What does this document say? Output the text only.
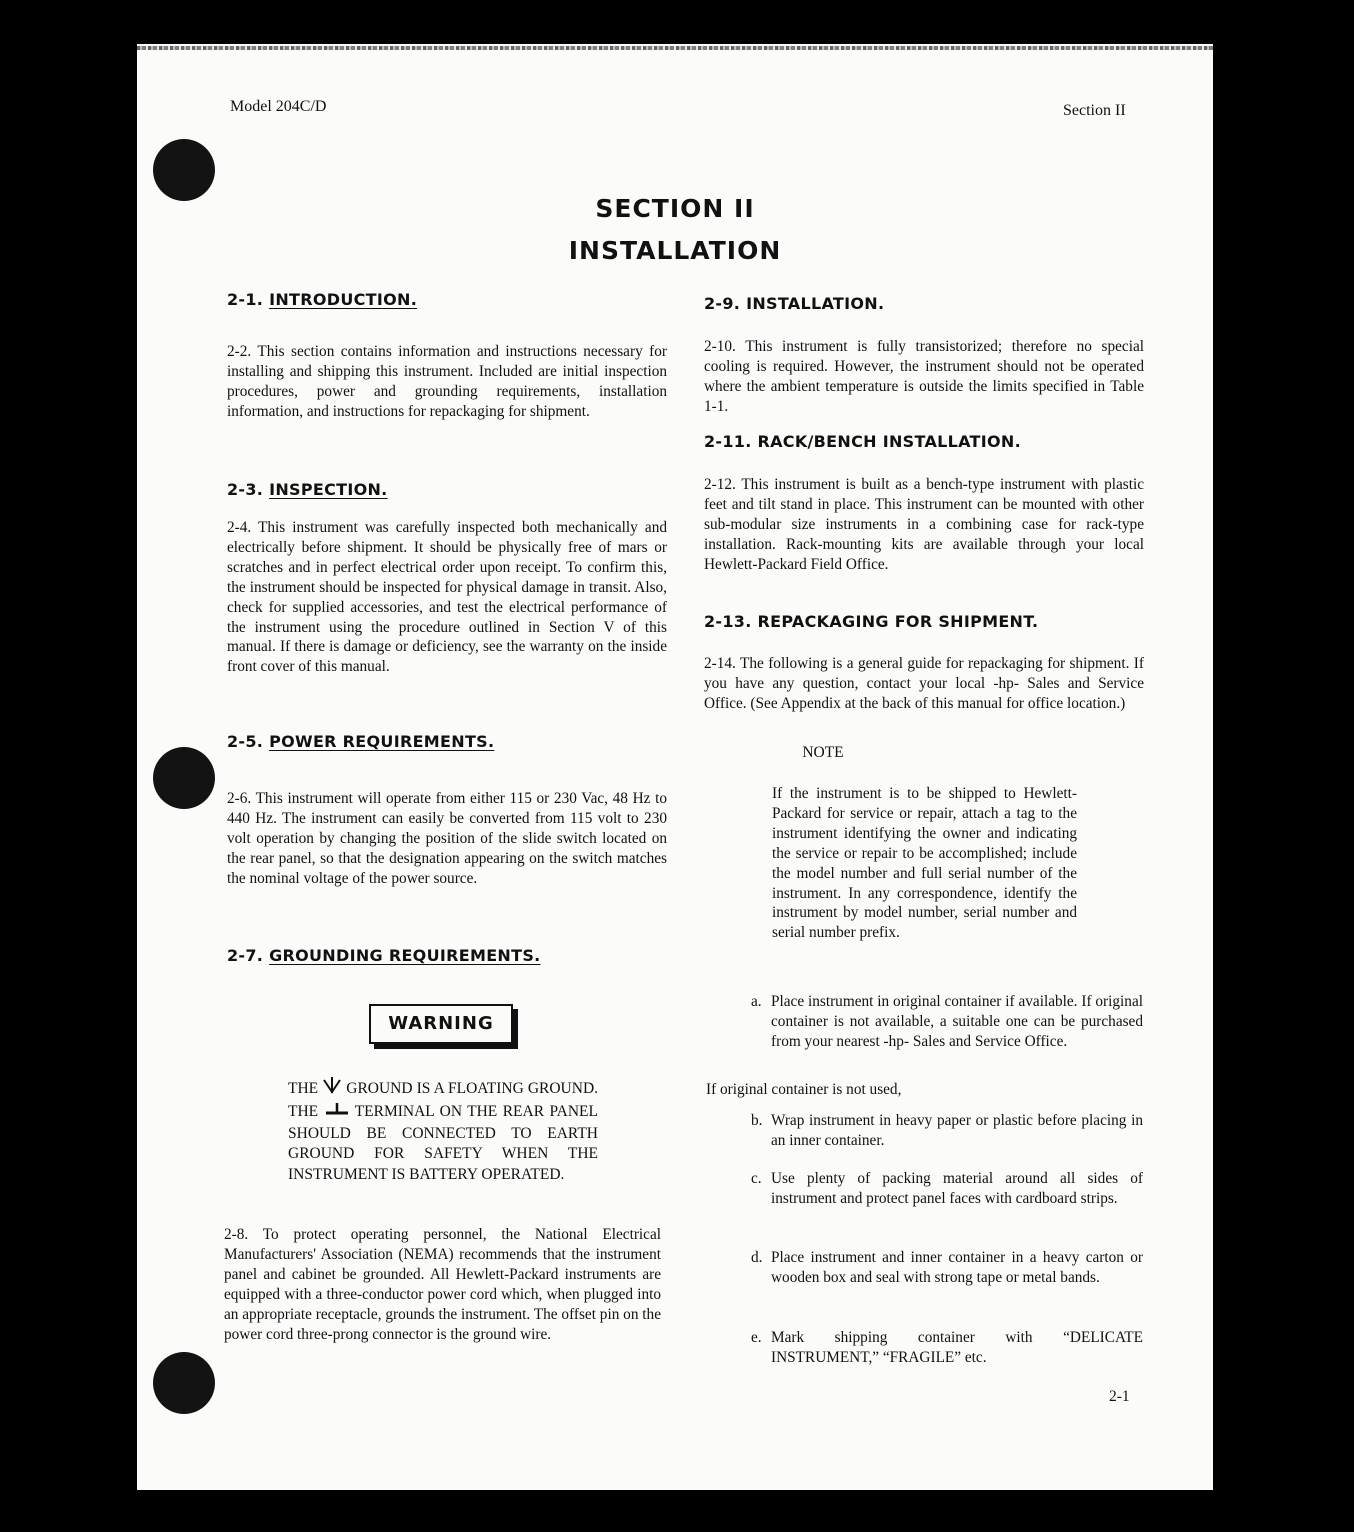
Model 204C/D	Section II
SECTION II
INSTALLATION
2-1. INTRODUCTION.

2-2. This section contains information and instructions necessary for installing and shipping this instrument. Included are initial inspection procedures, power and grounding requirements, installation information, and instructions for repackaging for shipment.

2-3. INSPECTION.

2-4. This instrument was carefully inspected both mechanically and electrically before shipment. It should be physically free of mars or scratches and in perfect electrical order upon receipt. To confirm this, the instrument should be inspected for physical damage in transit. Also, check for supplied accessories, and test the electrical performance of the instrument using the procedure outlined in Section V of this manual. If there is damage or deficiency, see the warranty on the inside front cover of this manual.

2-5. POWER REQUIREMENTS.

2-6. This instrument will operate from either 115 or 230 Vac, 48 Hz to 440 Hz. The instrument can easily be converted from 115 volt to 230 volt operation by changing the position of the slide switch located on the rear panel, so that the designation appearing on the switch matches the nominal voltage of the power source.

2-7. GROUNDING REQUIREMENTS.
WARNING

THE GROUND IS A FLOATING GROUND. THE TERMINAL ON THE REAR PANEL SHOULD BE CONNECTED TO EARTH GROUND FOR SAFETY WHEN THE INSTRUMENT IS BATTERY OPERATED.

2-8. To protect operating personnel, the National Electrical Manufacturers' Association (NEMA) recommends that the instrument panel and cabinet be grounded. All Hewlett-Packard instruments are equipped with a three-conductor power cord which, when plugged into an appropriate receptacle, grounds the instrument. The offset pin on the power cord three-prong connector is the ground wire.

2-9. INSTALLATION.

2-10. This instrument is fully transistorized; therefore no special cooling is required. However, the instrument should not be operated where the ambient temperature is outside the limits specified in Table 1-1.

2-11. RACK/BENCH INSTALLATION.

2-12. This instrument is built as a bench-type instrument with plastic feet and tilt stand in place. This instrument can be mounted with other sub-modular size instruments in a combining case for rack-type installation. Rack-mounting kits are available through your local Hewlett-Packard Field Office.

2-13. REPACKAGING FOR SHIPMENT.

2-14. The following is a general guide for repackaging for shipment. If you have any question, contact your local -hp- Sales and Service Office. (See Appendix at the back of this manual for office location.)

NOTE

If the instrument is to be shipped to Hewlett-Packard for service or repair, attach a tag to the instrument identifying the owner and indicating the service or repair to be accomplished; include the model number and full serial number of the instrument. In any correspondence, identify the instrument by model number, serial number and serial number prefix.

a. Place instrument in original container if available. If original container is not available, a suitable one can be purchased from your nearest -hp- Sales and Service Office.
If original container is not used,
b. Wrap instrument in heavy paper or plastic before placing in an inner container.
c. Use plenty of packing material around all sides of instrument and protect panel faces with cardboard strips.
d. Place instrument and inner container in a heavy carton or wooden box and seal with strong tape or metal bands.
e. Mark shipping container with “DELICATE INSTRUMENT,” “FRAGILE” etc.
2-1
